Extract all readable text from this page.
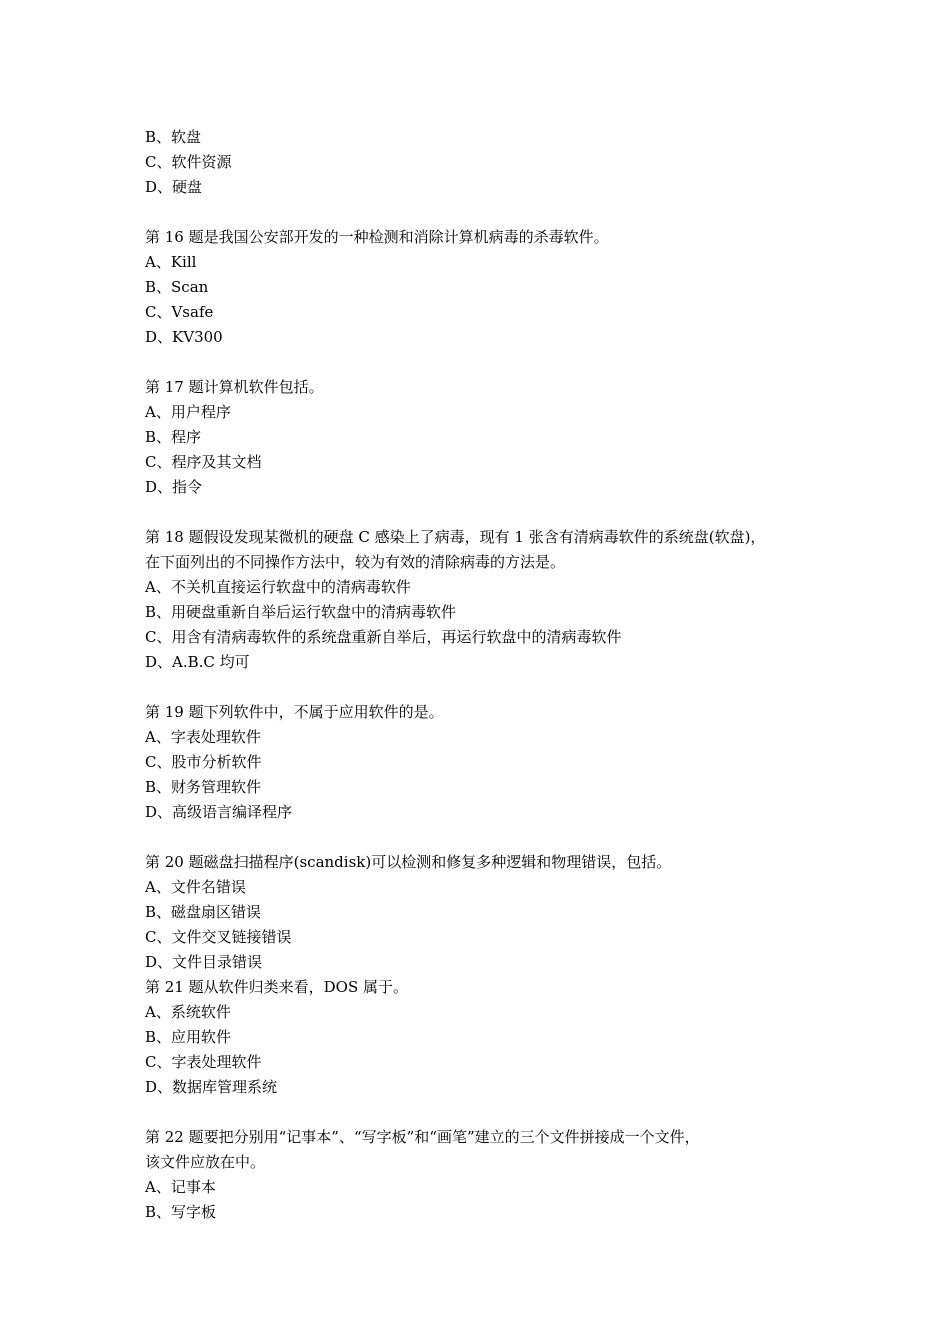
B、软盘

C、软件资源

D、硬盘

第 16 题是我国公安部开发的一种检测和消除计算机病毒的杀毒软件。

A、Kill

B、Scan

C、Vsafe

D、KV300

第 17 题计算机软件包括。

A、用户程序

B、程序

C、程序及其文档

D、指令

第 18 题假设发现某微机的硬盘 C 感染上了病毒，现有 1 张含有清病毒软件的系统盘(软盘)，

在下面列出的不同操作方法中，较为有效的清除病毒的方法是。

A、不关机直接运行软盘中的清病毒软件

B、用硬盘重新自举后运行软盘中的清病毒软件

C、用含有清病毒软件的系统盘重新自举后，再运行软盘中的清病毒软件

D、A.B.C 均可

第 19 题下列软件中，不属于应用软件的是。

A、字表处理软件

C、股市分析软件

B、财务管理软件

D、高级语言编译程序

第 20 题磁盘扫描程序(scandisk)可以检测和修复多种逻辑和物理错误，包括。

A、文件名错误

B、磁盘扇区错误

C、文件交叉链接错误

D、文件目录错误

第 21 题从软件归类来看，DOS 属于。

A、系统软件

B、应用软件

C、字表处理软件

D、数据库管理系统

第 22 题要把分别用“记事本”、“写字板”和“画笔”建立的三个文件拼接成一个文件，

该文件应放在中。

A、记事本

B、写字板
